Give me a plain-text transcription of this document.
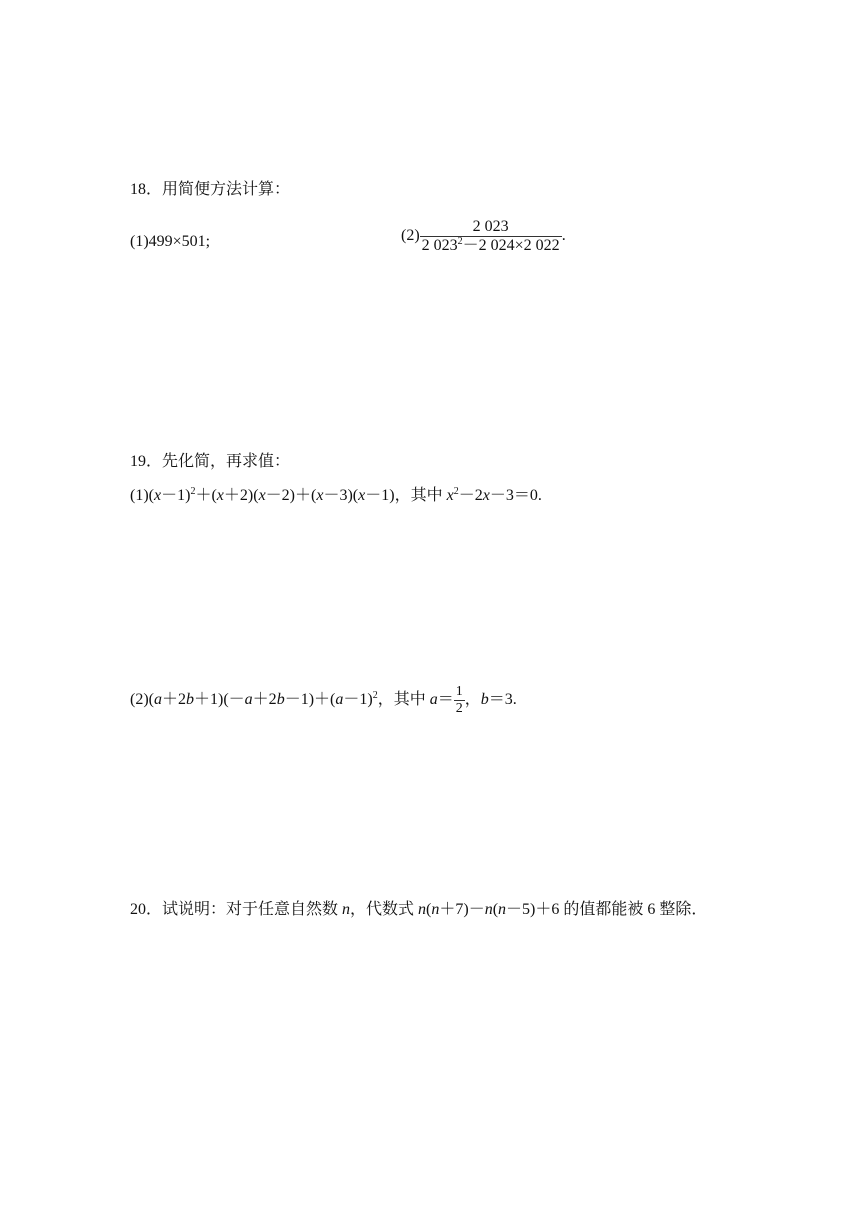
18．用简便方法计算：
(1)499×501;	$(2) \frac{2 023}{2 023^2-2 024\times 2 022}$ .
19．先化简，再求值：
$(1)(x-1)^2+(x+2)(x-2)+(x-3)(x-1)$，其中 $x^2-2x-3=0$.
$(2)(a+2b+1)(-a+2b-1)+(a-1)^2$，其中 $a= \frac{1}{2}$ ，b＝3.
20．试说明：对于任意自然数 n，代数式 n(n＋7)－n(n－5)＋6 的值都能被 6 整除．
